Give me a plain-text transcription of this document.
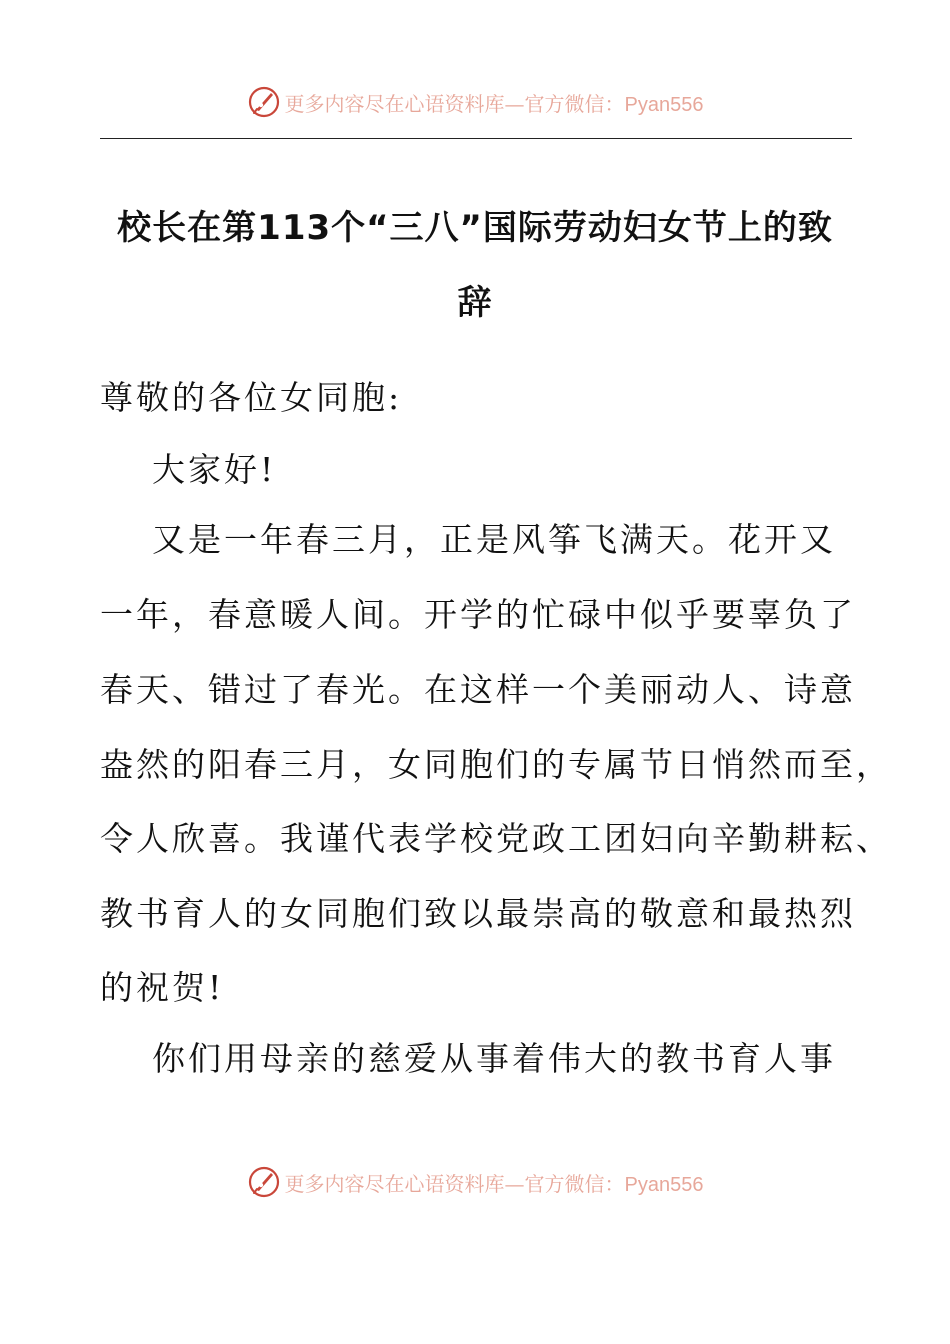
更多内容尽在心语资料库—官方微信：Pyan556
校长在第113个“三八”国际劳动妇女节上的致
辞
尊敬的各位女同胞:
大家好!
又是一年春三月，正是风筝飞满天。花开又
一年，春意暖人间。开学的忙碌中似乎要辜负了
春天、错过了春光。在这样一个美丽动人、诗意
盎然的阳春三月，女同胞们的专属节日悄然而至，
令人欣喜。我谨代表学校党政工团妇向辛勤耕耘、
教书育人的女同胞们致以最崇高的敬意和最热烈
的祝贺!
你们用母亲的慈爱从事着伟大的教书育人事
更多内容尽在心语资料库—官方微信：Pyan556
